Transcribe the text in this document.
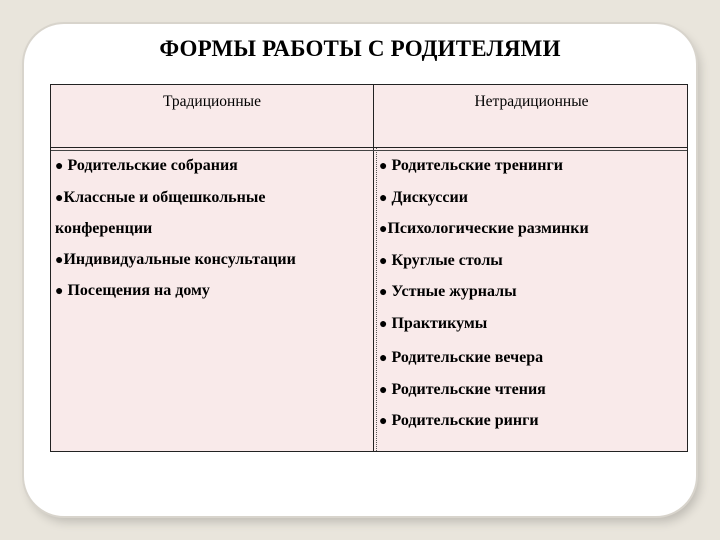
ФОРМЫ РАБОТЫ С РОДИТЕЛЯМИ
Традиционные	Нетрадиционные
● Родительские собрания
●Классные и общешкольные
конференции
●Индивидуальные консультации
● Посещения на дому
● Родительские тренинги
● Дискуссии
●Психологические разминки
● Круглые столы
● Устные журналы
● Практикумы
● Родительские вечера
● Родительские чтения
● Родительские ринги
